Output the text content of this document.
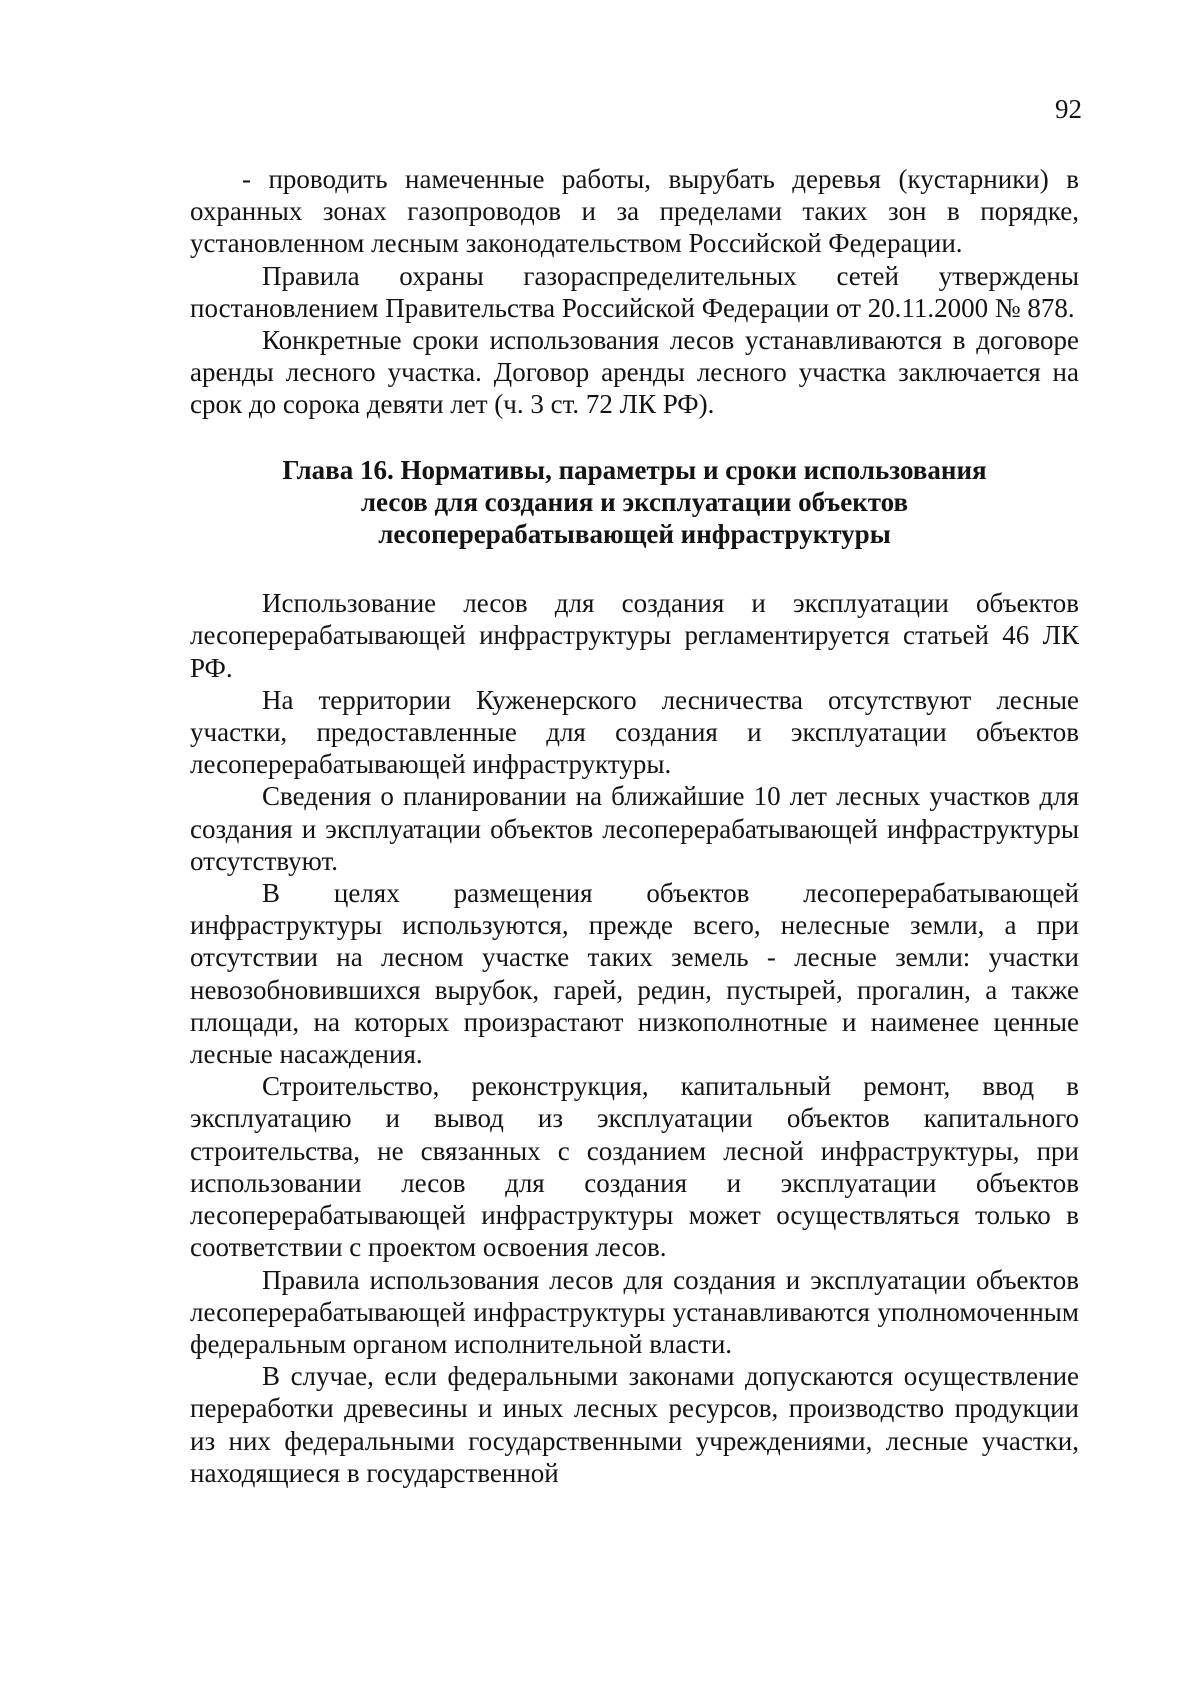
92

- проводить намеченные работы, вырубать деревья (кустарники) в охранных зонах газопроводов и за пределами таких зон в порядке, установленном лесным законодательством Российской Федерации.

Правила охраны газораспределительных сетей утверждены постановлением Правительства Российской Федерации от 20.11.2000 № 878.

Конкретные сроки использования лесов устанавливаются в договоре аренды лесного участка. Договор аренды лесного участка заключается на срок до сорока девяти лет (ч. 3 ст. 72 ЛК РФ).

Глава 16. Нормативы, параметры и сроки использования
лесов для создания и эксплуатации объектов
лесоперерабатывающей инфраструктуры

Использование лесов для создания и эксплуатации объектов лесоперерабатывающей инфраструктуры регламентируется статьей 46 ЛК РФ.

На территории Куженерского лесничества отсутствуют лесные участки, предоставленные для создания и эксплуатации объектов лесоперерабатывающей инфраструктуры.

Сведения о планировании на ближайшие 10 лет лесных участков для создания и эксплуатации объектов лесоперерабатывающей инфраструктуры отсутствуют.

В целях размещения объектов лесоперерабатывающей инфраструктуры используются, прежде всего, нелесные земли, а при отсутствии на лесном участке таких земель - лесные земли: участки невозобновившихся вырубок, гарей, редин, пустырей, прогалин, а также площади, на которых произрастают низкополнотные и наименее ценные лесные насаждения.

Строительство, реконструкция, капитальный ремонт, ввод в эксплуатацию и вывод из эксплуатации объектов капитального строительства, не связанных с созданием лесной инфраструктуры, при использовании лесов для создания и эксплуатации объектов лесоперерабатывающей инфраструктуры может осуществляться только в соответствии с проектом освоения лесов.

Правила использования лесов для создания и эксплуатации объектов лесоперерабатывающей инфраструктуры устанавливаются уполномоченным федеральным органом исполнительной власти.

В случае, если федеральными законами допускаются осуществление переработки древесины и иных лесных ресурсов, производство продукции из них федеральными государственными учреждениями, лесные участки, находящиеся в государственной
